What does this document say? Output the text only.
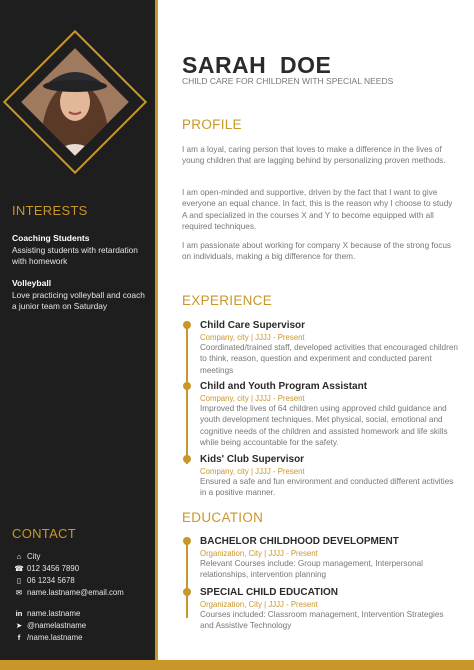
INTERESTS
Coaching Students
Assisting students with retardation with homework
Volleyball
Love practicing volleyball and coach a junior team on Saturday
CONTACT
⌂ City
☎ 012 3456 7890
▯ 06 1234 5678
✉ name.lastname@email.com
in name.lastname
➤ @namelastname
f /name.lastname
SARAH  DOE
CHILD CARE FOR CHILDREN WITH SPECIAL NEEDS
PROFILE
I am a loyal, caring person that loves to make a difference in the lives of young children that are lagging behind by personalizing proven methods.
I am open-minded and supportive, driven by the fact that I want to give everyone an equal chance. In fact, this is the reason why I choose to study A and specialized in the courses X and Y to become equipped with all required techniques.
I am passionate about working for company X because of the strong focus on individuals, making a big difference for them.
EXPERIENCE
Child Care Supervisor
Company, city | JJJJ - Present
Coordinated/trained staff, developed activities that encouraged children to think, reason, question and experiment and conducted parent meetings
Child and Youth Program Assistant
Company, city | JJJJ - Present
Improved the lives of 64 children using approved child guidance and youth development techniques. Met physical, social, emotional and cognitive needs of the children and assisted homework and life skills while being accountable for the safety.
Kids' Club Supervisor
Company, city | JJJJ - Present
Ensured a safe and fun environment and conducted different activities in a positive manner.
EDUCATION
BACHELOR CHILDHOOD DEVELOPMENT
Organization, City | JJJJ - Present
Relevant Courses include: Group management, Interpersonal relationships, intervention planning
SPECIAL CHILD EDUCATION
Organization, City | JJJJ - Present
Courses included: Classroom management, Intervention Strategies and Assistive Technology
